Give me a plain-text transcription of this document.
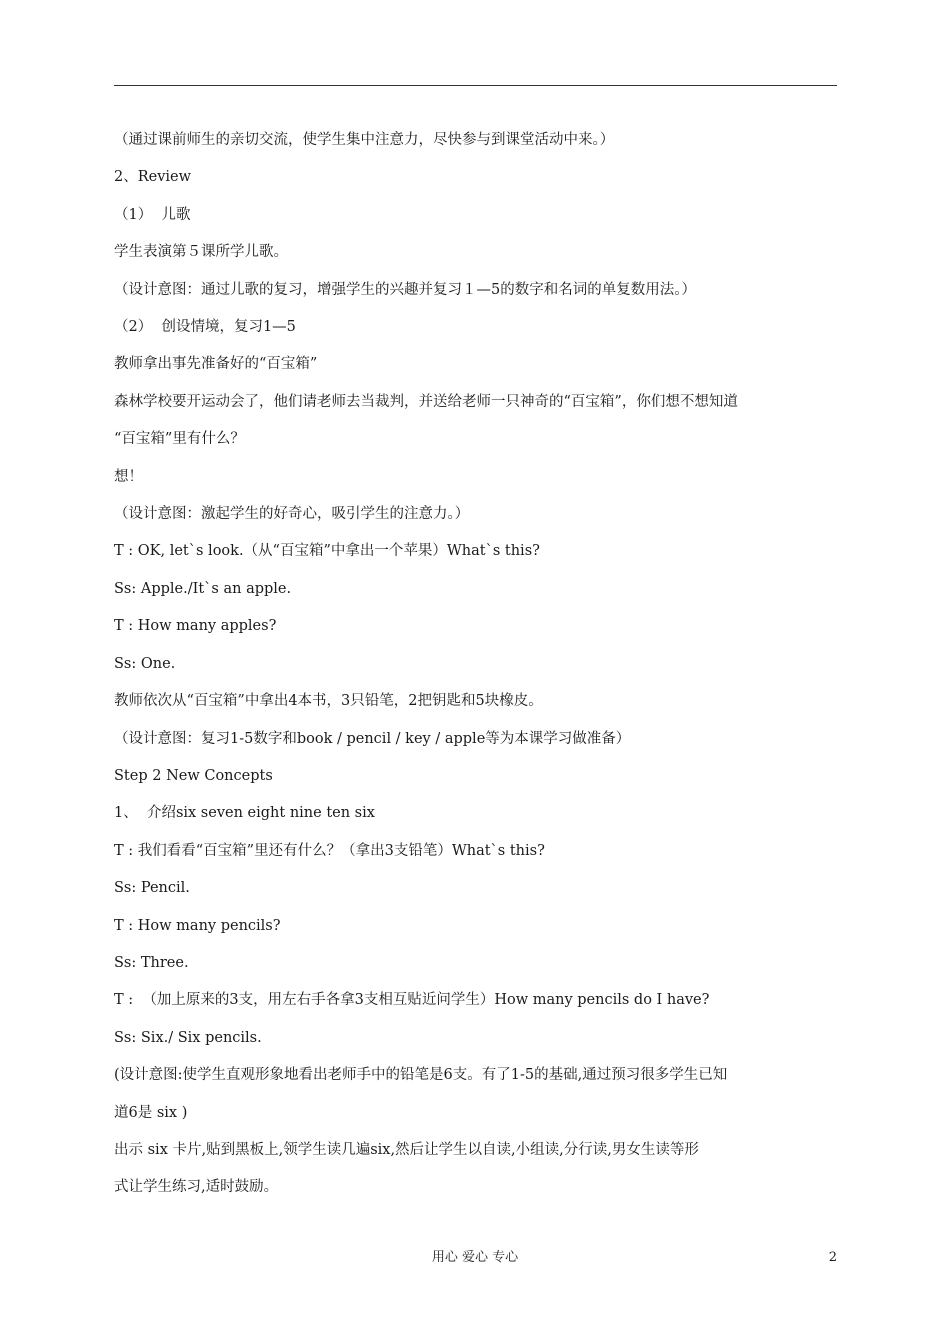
（通过课前师生的亲切交流，使学生集中注意力，尽快参与到课堂活动中来。）

2、Review

（1）  儿歌

学生表演第５课所学儿歌。

（设计意图：通过儿歌的复习，增强学生的兴趣并复习１—5的数字和名词的单复数用法。）

（2）  创设情境，复习1—5

教师拿出事先准备好的“百宝箱”

森林学校要开运动会了，他们请老师去当裁判，并送给老师一只神奇的“百宝箱”，你们想不想知道

“百宝箱”里有什么？

想！

（设计意图：激起学生的好奇心，吸引学生的注意力。）

T : OK, let`s look.（从“百宝箱”中拿出一个苹果）What`s this?

Ss: Apple./It`s an apple.

T : How many apples?

Ss: One.

教师依次从“百宝箱”中拿出4本书，3只铅笔，2把钥匙和5块橡皮。

（设计意图：复习1-5数字和book / pencil / key / apple等为本课学习做准备）

Step 2 New Concepts

1、  介绍six seven eight nine ten six

T : 我们看看“百宝箱”里还有什么？（拿出3支铅笔）What`s this?

Ss: Pencil.

T : How many pencils?

Ss: Three.

T :  （加上原来的3支，用左右手各拿3支相互贴近问学生）How many pencils do I have?

Ss: Six./ Six pencils.

(设计意图:使学生直观形象地看出老师手中的铅笔是6支。有了1-5的基础,通过预习很多学生已知

道6是 six )

出示 six 卡片,贴到黑板上,领学生读几遍six,然后让学生以自读,小组读,分行读,男女生读等形

式让学生练习,适时鼓励。

用心 爱心 专心	2
